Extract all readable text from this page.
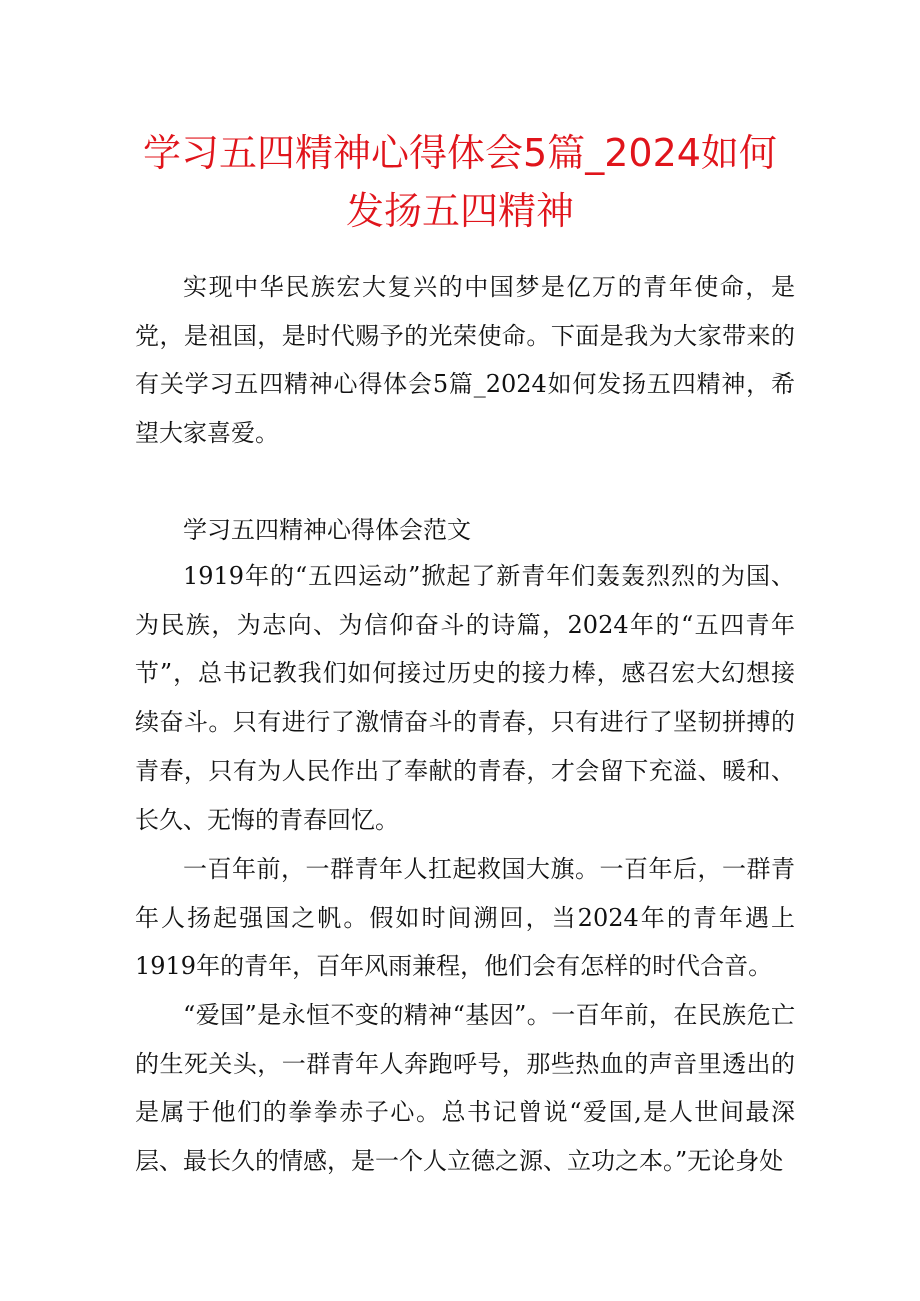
学习五四精神心得体会5篇_2024如何
发扬五四精神

实现中华民族宏大复兴的中国梦是亿万的青年使命，是党，是祖国，是时代赐予的光荣使命。下面是我为大家带来的有关学习五四精神心得体会5篇_2024如何发扬五四精神，希望大家喜爱。

学习五四精神心得体会范文

1919年的“五四运动”掀起了新青年们轰轰烈烈的为国、为民族，为志向、为信仰奋斗的诗篇，2024年的“五四青年节”，总书记教我们如何接过历史的接力棒，感召宏大幻想接续奋斗。只有进行了激情奋斗的青春，只有进行了坚韧拼搏的青春，只有为人民作出了奉献的青春，才会留下充溢、暖和、长久、无悔的青春回忆。

一百年前，一群青年人扛起救国大旗。一百年后，一群青年人扬起强国之帆。假如时间溯回，当2024年的青年遇上1919年的青年，百年风雨兼程，他们会有怎样的时代合音。

“爱国”是永恒不变的精神“基因”。一百年前，在民族危亡的生死关头，一群青年人奔跑呼号，那些热血的声音里透出的是属于他们的拳拳赤子心。总书记曾说“爱国,是人世间最深层、最长久的情感，是一个人立德之源、立功之本。”无论身处
